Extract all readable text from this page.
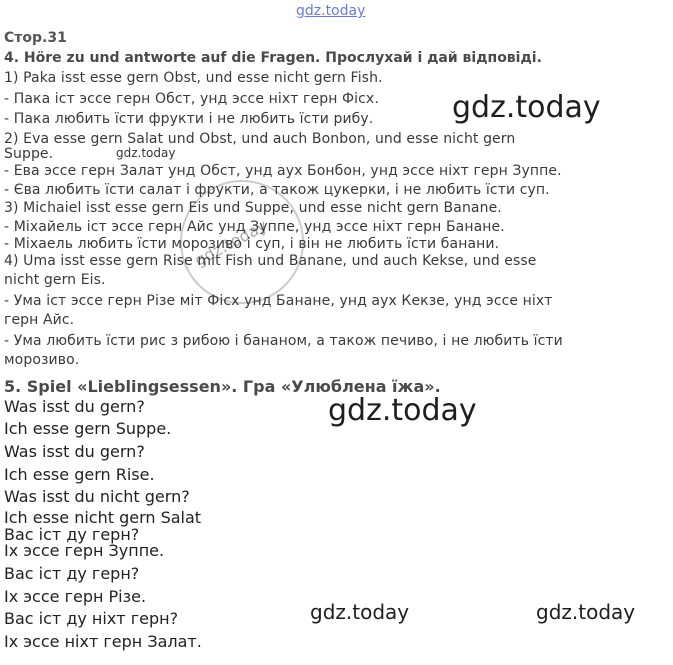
gdz.today
gdz.today
gdz.today
gdz.today
gdz.today	gdz.today
gdz.today
Стор.31
4. Höre zu und antworte auf die Fragen. Прослухай і дай відповіді.
1) Paka isst esse gern Obst, und esse nicht gern Fish.
- Пака іст эссе герн Обст, унд эссе ніхт герн Фісх.
- Пака любить їсти фрукти і не любить їсти рибу.
2) Eva esse gern Salat und Obst, und auch Bonbon, und esse nicht gern
Suppe.
- Ева эссе герн Залат унд Обст, унд аух Бонбон, унд эссе ніхт герн Зуппе.
- Єва любить їсти салат і фрукти, а також цукерки, і не любить їсти суп.
3) Michaiel isst esse gern Eis und Suppe, und esse nicht gern Banane.
- Міхайель іст эссе герн Айс унд Зуппе, унд эссе ніхт герн Банане.
- Міхаель любить їсти морозиво і суп, і він не любить їсти банани.
4) Uma isst esse gern Rise mit Fish und Banane, und auch Kekse, und esse
nicht gern Eis.
- Ума іст эссе герн Різе міт Фісх унд Банане, унд аух Кекзе, унд эссе ніхт
герн Айс.
- Ума любить їсти рис з рибою і бананом, а також печиво, і не любить їсти
морозиво.
5. Spiel «Lieblingsessen». Гра «Улюблена їжа».
Was isst du gern?
Ich esse gern Suppe.
Was isst du gern?
Ich esse gern Rise.
Was isst du nicht gern?
Ich esse nicht gern Salat
Вас іст ду герн?
Іх эссе герн Зуппе.
Вас іст ду герн?
Іх эссе герн Різе.
Вас іст ду ніхт герн?
Іх эссе ніхт герн Залат.
